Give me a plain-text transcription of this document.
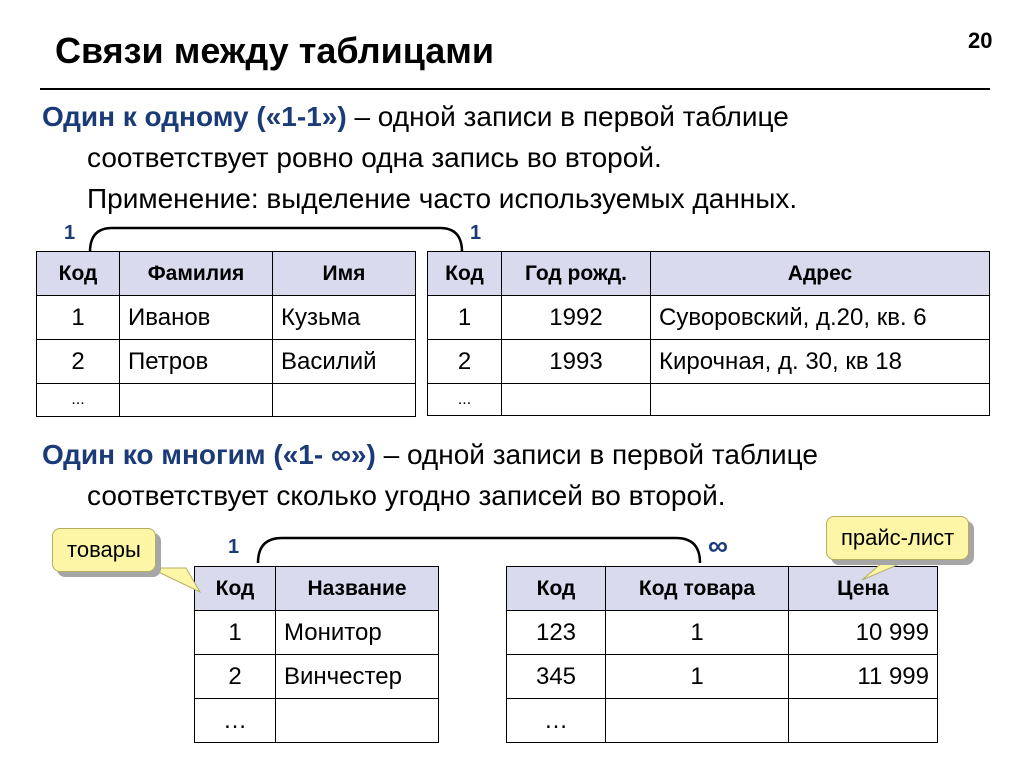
Связи между таблицами	20
Один к одному («1-1») – одной записи в первой таблице
соответствует ровно одна запись во второй.
Применение: выделение часто используемых данных.
1	1
Код	Фамилия	Имя
1	Иванов	Кузьма
2	Петров	Василий
...		
Код	Год рожд.	Адрес
1	1992	Суворовский, д.20, кв. 6
2	1993	Кирочная, д. 30, кв 18
...		
Один ко многим («1- ∞») – одной записи в первой таблице
соответствует сколько угодно записей во второй.
1	∞
Код	Название
1	Монитор
2	Винчестер
…	
Код	Код товара	Цена
123	1	10 999
345	1	11 999
…		
товары	прайс-лист
